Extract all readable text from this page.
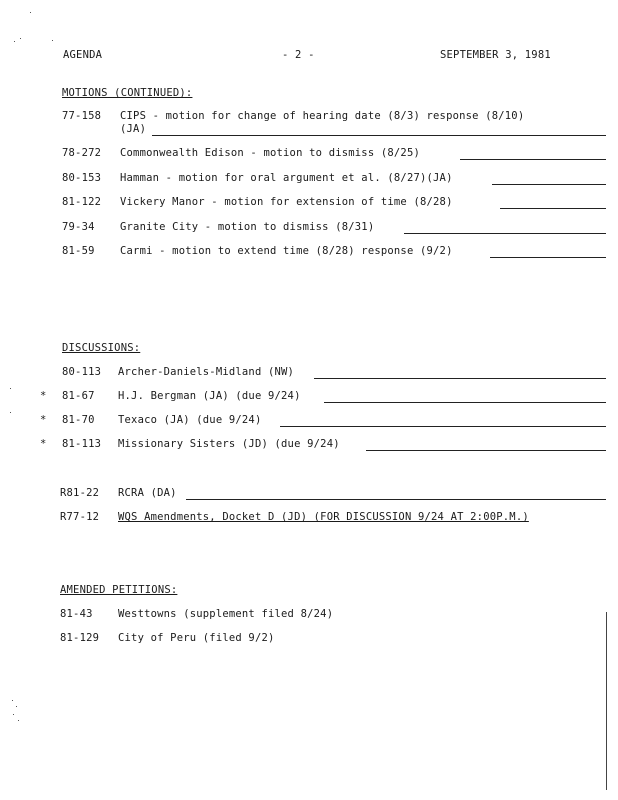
AGENDA	- 2 -	SEPTEMBER 3, 1981
MOTIONS (CONTINUED):
77-158 CIPS - motion for change of hearing date (8/3) response (8/10)
(JA)
78-272 Commonwealth Edison - motion to dismiss (8/25)
80-153 Hamman - motion for oral argument et al. (8/27)(JA)
81-122 Vickery Manor - motion for extension of time (8/28)
79-34 Granite City - motion to dismiss (8/31)
81-59 Carmi - motion to extend time (8/28) response (9/2)
DISCUSSIONS:
80-113 Archer-Daniels-Midland (NW)
* 81-67 H.J. Bergman (JA) (due 9/24)
* 81-70 Texaco (JA) (due 9/24)
* 81-113 Missionary Sisters (JD) (due 9/24)
R81-22 RCRA (DA)
R77-12 WQS Amendments, Docket D (JD) (FOR DISCUSSION 9/24 AT 2:00P.M.)
AMENDED PETITIONS:
81-43 Westtowns (supplement filed 8/24)
81-129 City of Peru (filed 9/2)
